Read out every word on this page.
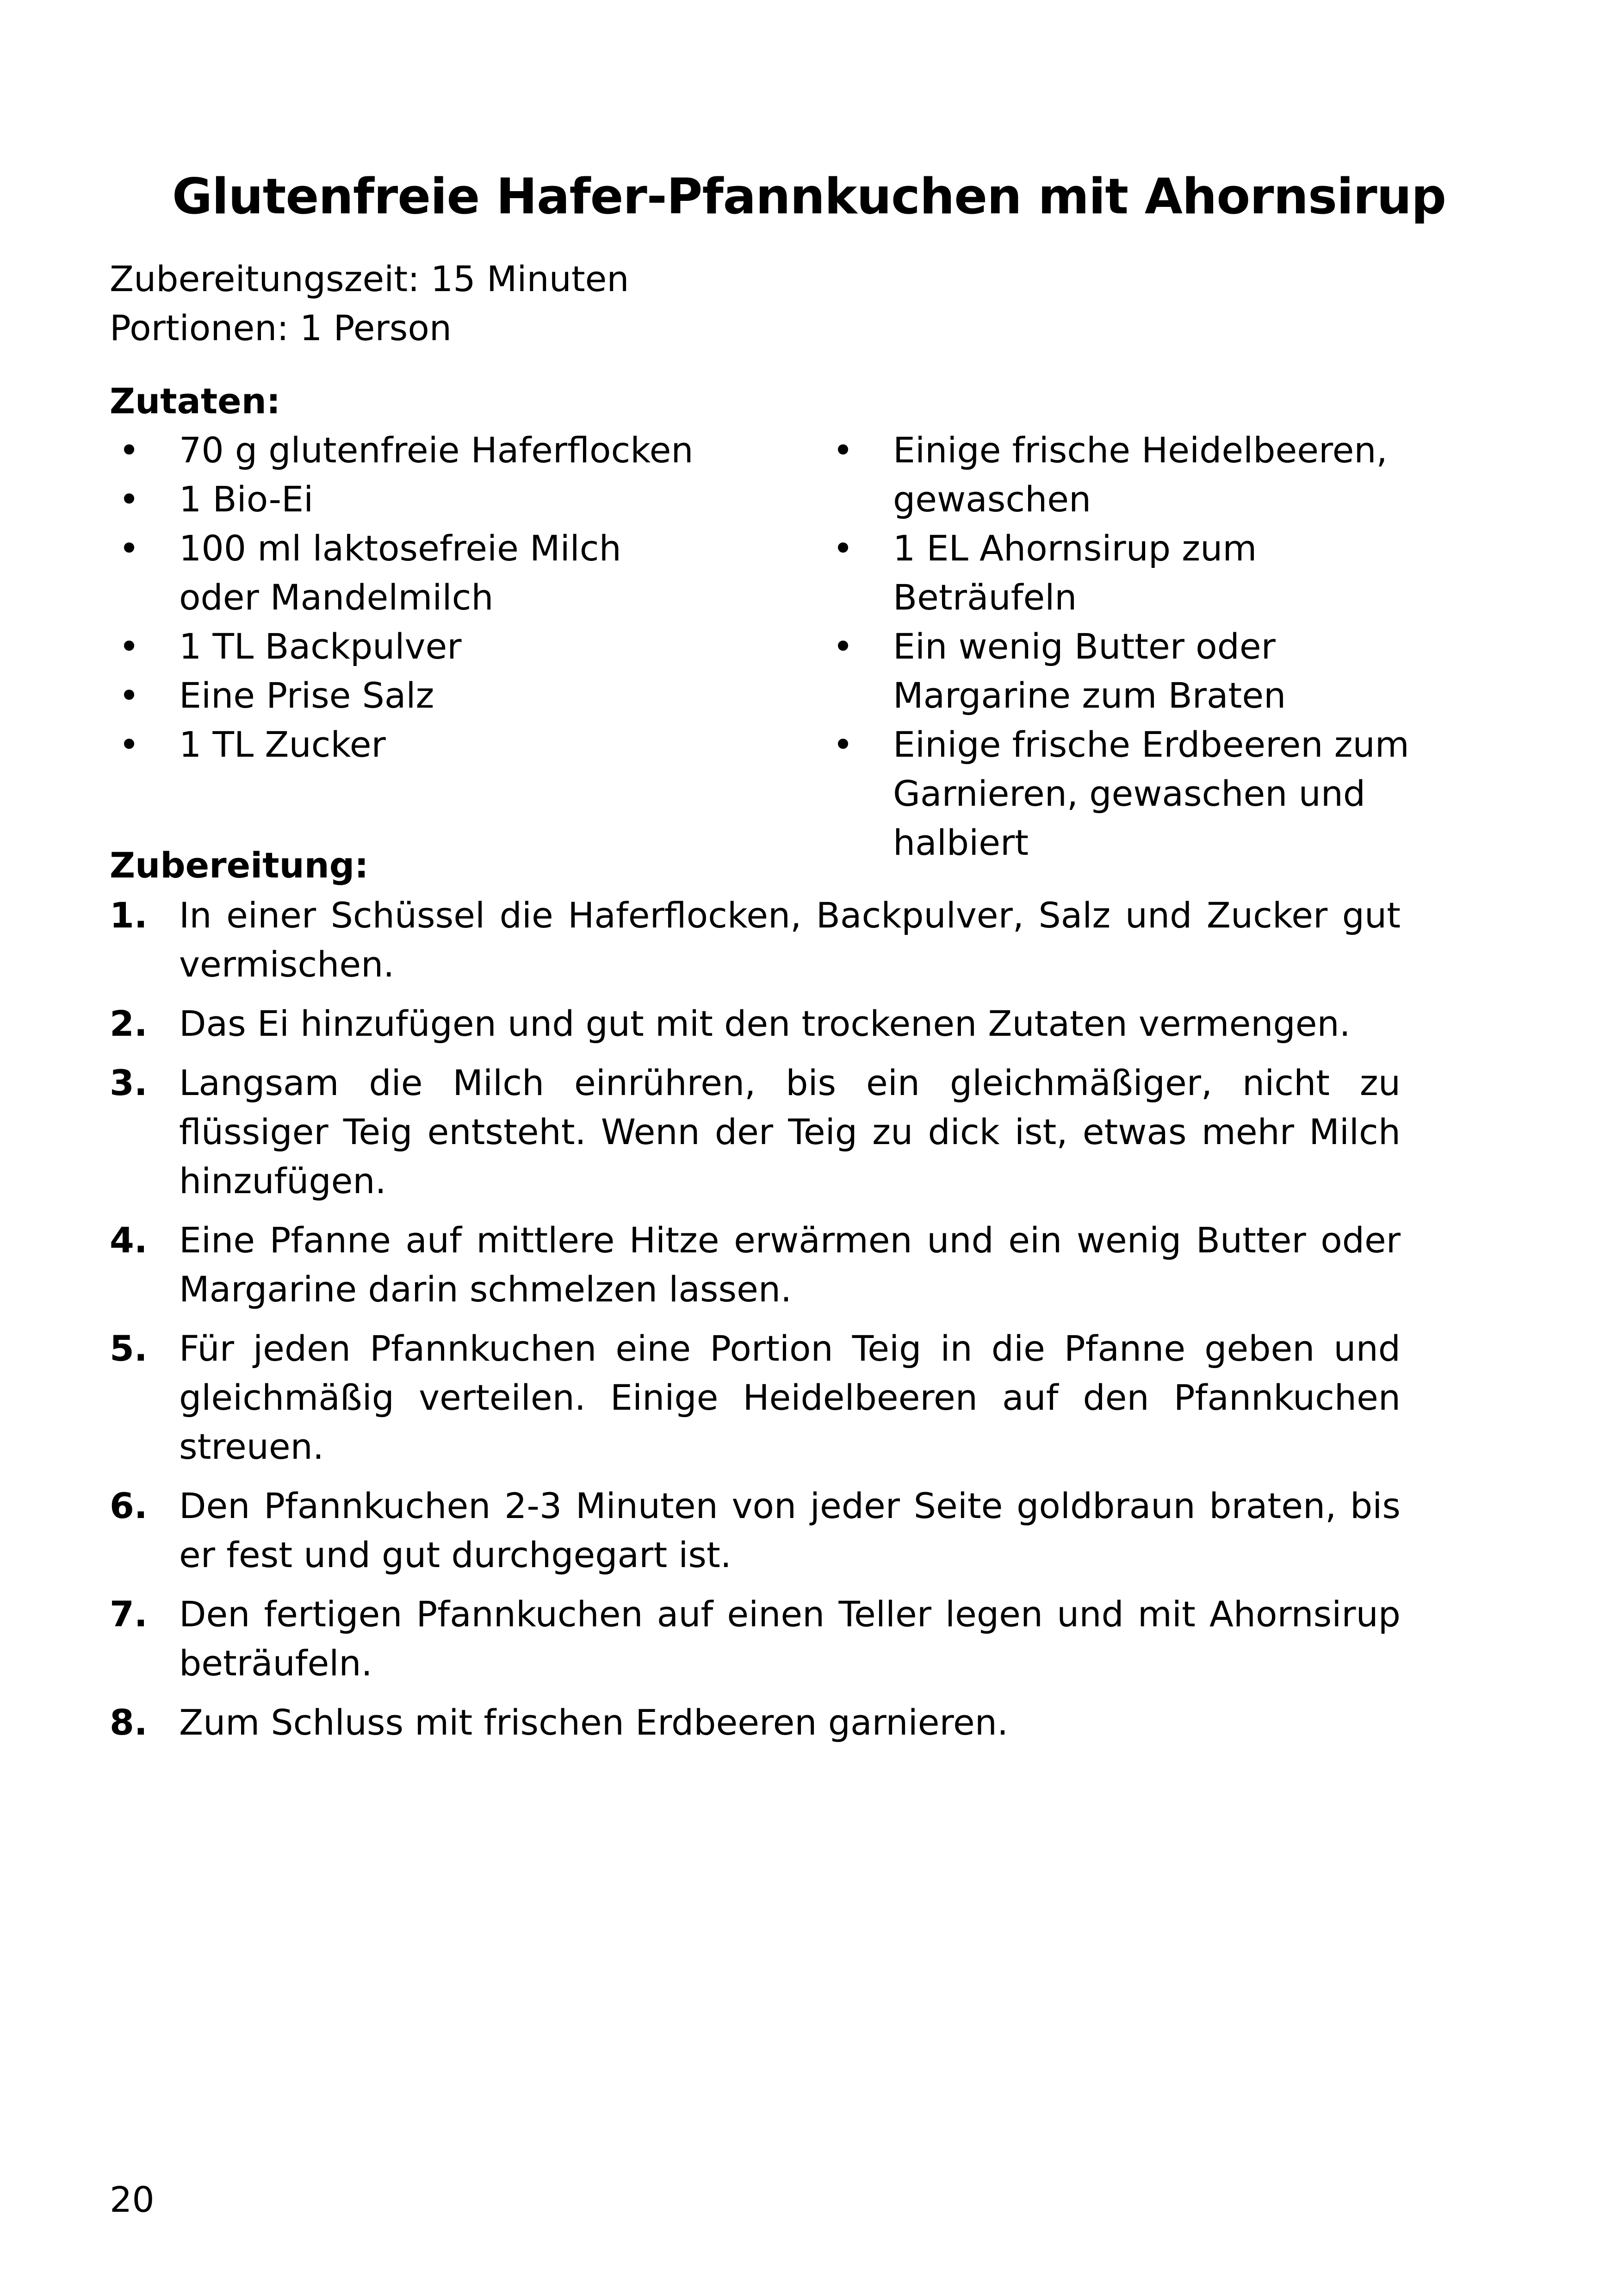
Glutenfreie Hafer-Pfannkuchen mit Ahornsirup
Zubereitungszeit: 15 Minuten
Portionen: 1 Person
Zutaten:
• 70 g glutenfreie Haferflocken
• 1 Bio-Ei
• 100 ml laktosefreie Milch oder Mandelmilch
• 1 TL Backpulver
• Eine Prise Salz
• 1 TL Zucker
• Einige frische Heidelbeeren, gewaschen
• 1 EL Ahornsirup zum Beträufeln
• Ein wenig Butter oder Margarine zum Braten
• Einige frische Erdbeeren zum Garnieren, gewaschen und halbiert
Zubereitung:
1. In einer Schüssel die Haferflocken, Backpulver, Salz und Zucker gut vermischen.
2. Das Ei hinzufügen und gut mit den trockenen Zutaten vermengen.
3. Langsam die Milch einrühren, bis ein gleichmäßiger, nicht zu flüssiger Teig entsteht. Wenn der Teig zu dick ist, etwas mehr Milch hinzufügen.
4. Eine Pfanne auf mittlere Hitze erwärmen und ein wenig Butter oder Margarine darin schmelzen lassen.
5. Für jeden Pfannkuchen eine Portion Teig in die Pfanne geben und gleichmäßig verteilen. Einige Heidelbeeren auf den Pfannkuchen streuen.
6. Den Pfannkuchen 2-3 Minuten von jeder Seite goldbraun braten, bis er fest und gut durchgegart ist.
7. Den fertigen Pfannkuchen auf einen Teller legen und mit Ahornsirup beträufeln.
8. Zum Schluss mit frischen Erdbeeren garnieren.
20
